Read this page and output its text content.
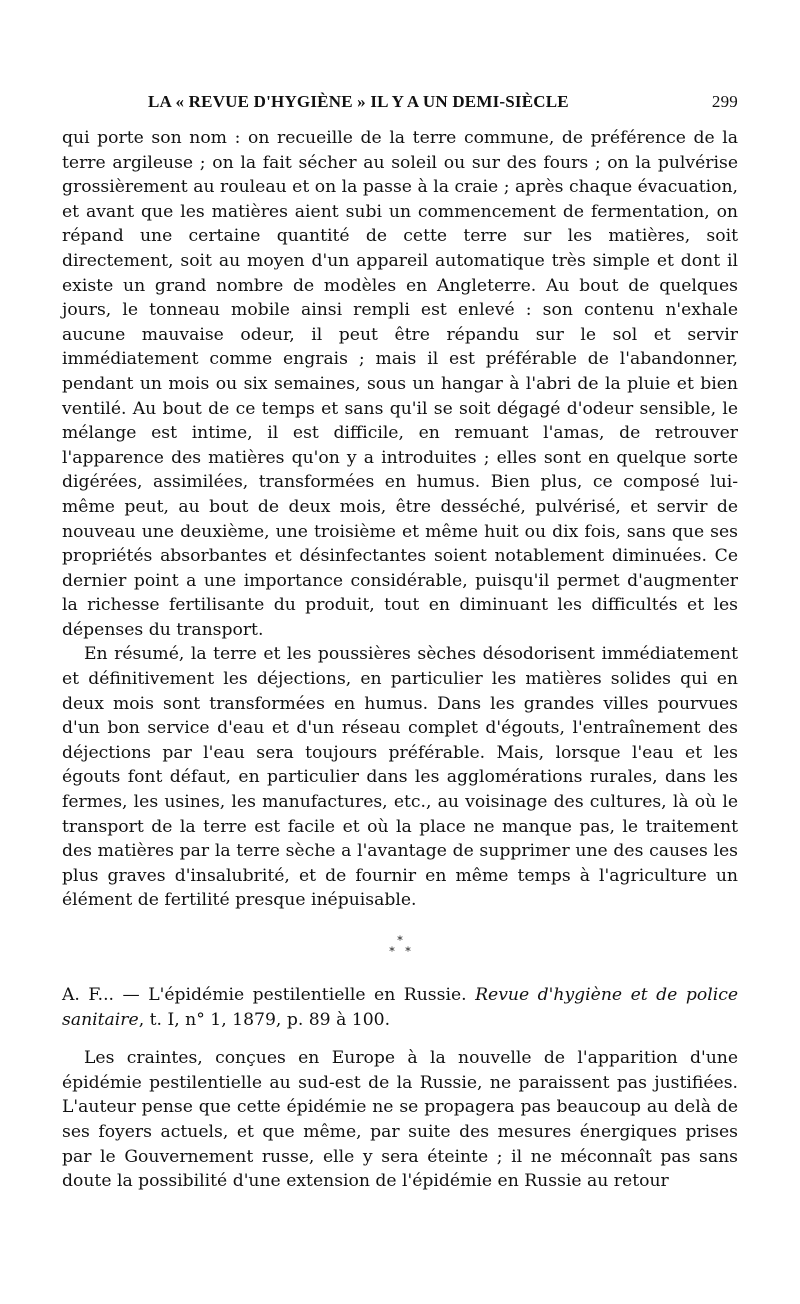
LA « REVUE D'HYGIÈNE » IL Y A UN DEMI-SIÈCLE	299

qui porte son nom : on recueille de la terre commune, de préférence de la terre argileuse ; on la fait sécher au soleil ou sur des fours ; on la pulvérise grossièrement au rouleau et on la passe à la craie ; après chaque évacuation, et avant que les matières aient subi un commencement de fermentation, on répand une certaine quantité de cette terre sur les matières, soit directement, soit au moyen d'un appareil automatique très simple et dont il existe un grand nombre de modèles en Angleterre. Au bout de quelques jours, le tonneau mobile ainsi rempli est enlevé : son contenu n'exhale aucune mauvaise odeur, il peut être répandu sur le sol et servir immédiatement comme engrais ; mais il est préférable de l'abandonner, pendant un mois ou six semaines, sous un hangar à l'abri de la pluie et bien ventilé. Au bout de ce temps et sans qu'il se soit dégagé d'odeur sensible, le mélange est intime, il est difficile, en remuant l'amas, de retrouver l'apparence des matières qu'on y a introduites ; elles sont en quelque sorte digérées, assimilées, transformées en humus. Bien plus, ce composé lui-même peut, au bout de deux mois, être desséché, pulvérisé, et servir de nouveau une deuxième, une troisième et même huit ou dix fois, sans que ses propriétés absorbantes et désinfectantes soient notablement diminuées. Ce dernier point a une importance considérable, puisqu'il permet d'augmenter la richesse fertilisante du produit, tout en diminuant les difficultés et les dépenses du transport.

En résumé, la terre et les poussières sèches désodorisent immédiatement et définitivement les déjections, en particulier les matières solides qui en deux mois sont transformées en humus. Dans les grandes villes pourvues d'un bon service d'eau et d'un réseau complet d'égouts, l'entraînement des déjections par l'eau sera toujours préférable. Mais, lorsque l'eau et les égouts font défaut, en particulier dans les agglomérations rurales, dans les fermes, les usines, les manufactures, etc., au voisinage des cultures, là où le transport de la terre est facile et où la place ne manque pas, le traitement des matières par la terre sèche a l'avantage de supprimer une des causes les plus graves d'insalubrité, et de fournir en même temps à l'agriculture un élément de fertilité presque inépuisable.

*
* *

A. F... — L'épidémie pestilentielle en Russie. Revue d'hygiène et de police sanitaire, t. I, n° 1, 1879, p. 89 à 100.

Les craintes, conçues en Europe à la nouvelle de l'apparition d'une épidémie pestilentielle au sud-est de la Russie, ne paraissent pas justifiées. L'auteur pense que cette épidémie ne se propagera pas beaucoup au delà de ses foyers actuels, et que même, par suite des mesures énergiques prises par le Gouvernement russe, elle y sera éteinte ; il ne méconnaît pas sans doute la possibilité d'une extension de l'épidémie en Russie au retour
